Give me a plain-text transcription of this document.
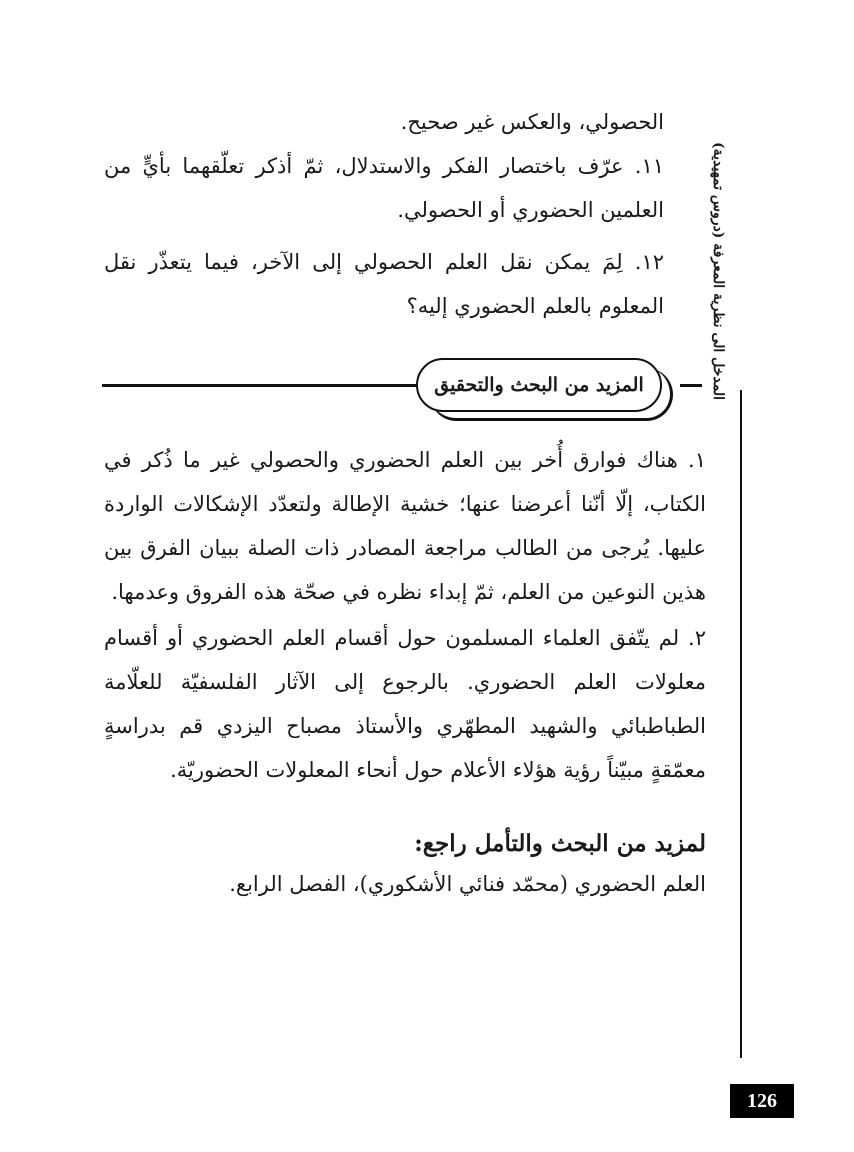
المدخل الى نظرية المعرفة (دروس تمهيدية)

الحصولي، والعكس غير صحيح.

١١. عرّف باختصار الفكر والاستدلال، ثمّ أذكر تعلّقهما بأيٍّ من العلمين الحضوري أو الحصولي.

١٢. لِمَ يمكن نقل العلم الحصولي إلى الآخر، فيما يتعذّر نقل المعلوم بالعلم الحضوري إليه؟

المزيد من البحث والتحقيق

١. هناك فوارق أُخر بين العلم الحضوري والحصولي غير ما ذُكر في الكتاب، إلّا أنّنا أعرضنا عنها؛ خشية الإطالة ولتعدّد الإشكالات الواردة عليها. يُرجى من الطالب مراجعة المصادر ذات الصلة ببيان الفرق بين هذين النوعين من العلم، ثمّ إبداء نظره في صحّة هذه الفروق وعدمها.

٢. لم يتّفق العلماء المسلمون حول أقسام العلم الحضوري أو أقسام معلولات العلم الحضوري. بالرجوع إلى الآثار الفلسفيّة للعلّامة الطباطبائي والشهيد المطهّري والأستاذ مصباح اليزدي قم بدراسةٍ معمّقةٍ مبيّناً رؤية هؤلاء الأعلام حول أنحاء المعلولات الحضوريّة.

لمزيد من البحث والتأمل راجع:
العلم الحضوري (محمّد فنائي الأشكوري)، الفصل الرابع.
126
